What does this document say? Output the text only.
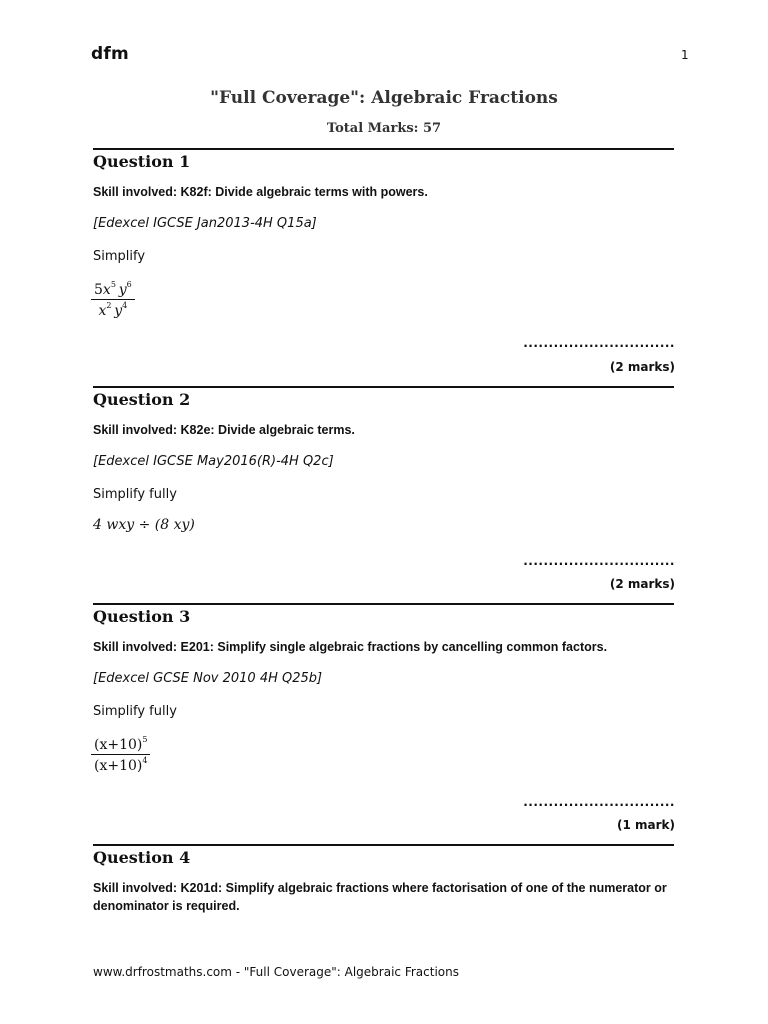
dfm	1
"Full Coverage": Algebraic Fractions
Total Marks: 57
Question 1
Skill involved: K82f: Divide algebraic terms with powers.
[Edexcel IGCSE Jan2013-4H Q15a]
Simplify
$\frac{5x^5 y^6}{x^2 y^4}$
..............................
(2 marks)
Question 2
Skill involved: K82e: Divide algebraic terms.
[Edexcel IGCSE May2016(R)-4H Q2c]
Simplify fully
4 wxy ÷ (8 xy)
..............................
(2 marks)
Question 3
Skill involved: E201: Simplify single algebraic fractions by cancelling common factors.
[Edexcel GCSE Nov 2010 4H Q25b]
Simplify fully
$\frac{(x+10)^5}{(x+10)^4}$
..............................
(1 mark)
Question 4
Skill involved: K201d: Simplify algebraic fractions where factorisation of one of the numerator or denominator is required.
www.drfrostmaths.com - "Full Coverage": Algebraic Fractions
